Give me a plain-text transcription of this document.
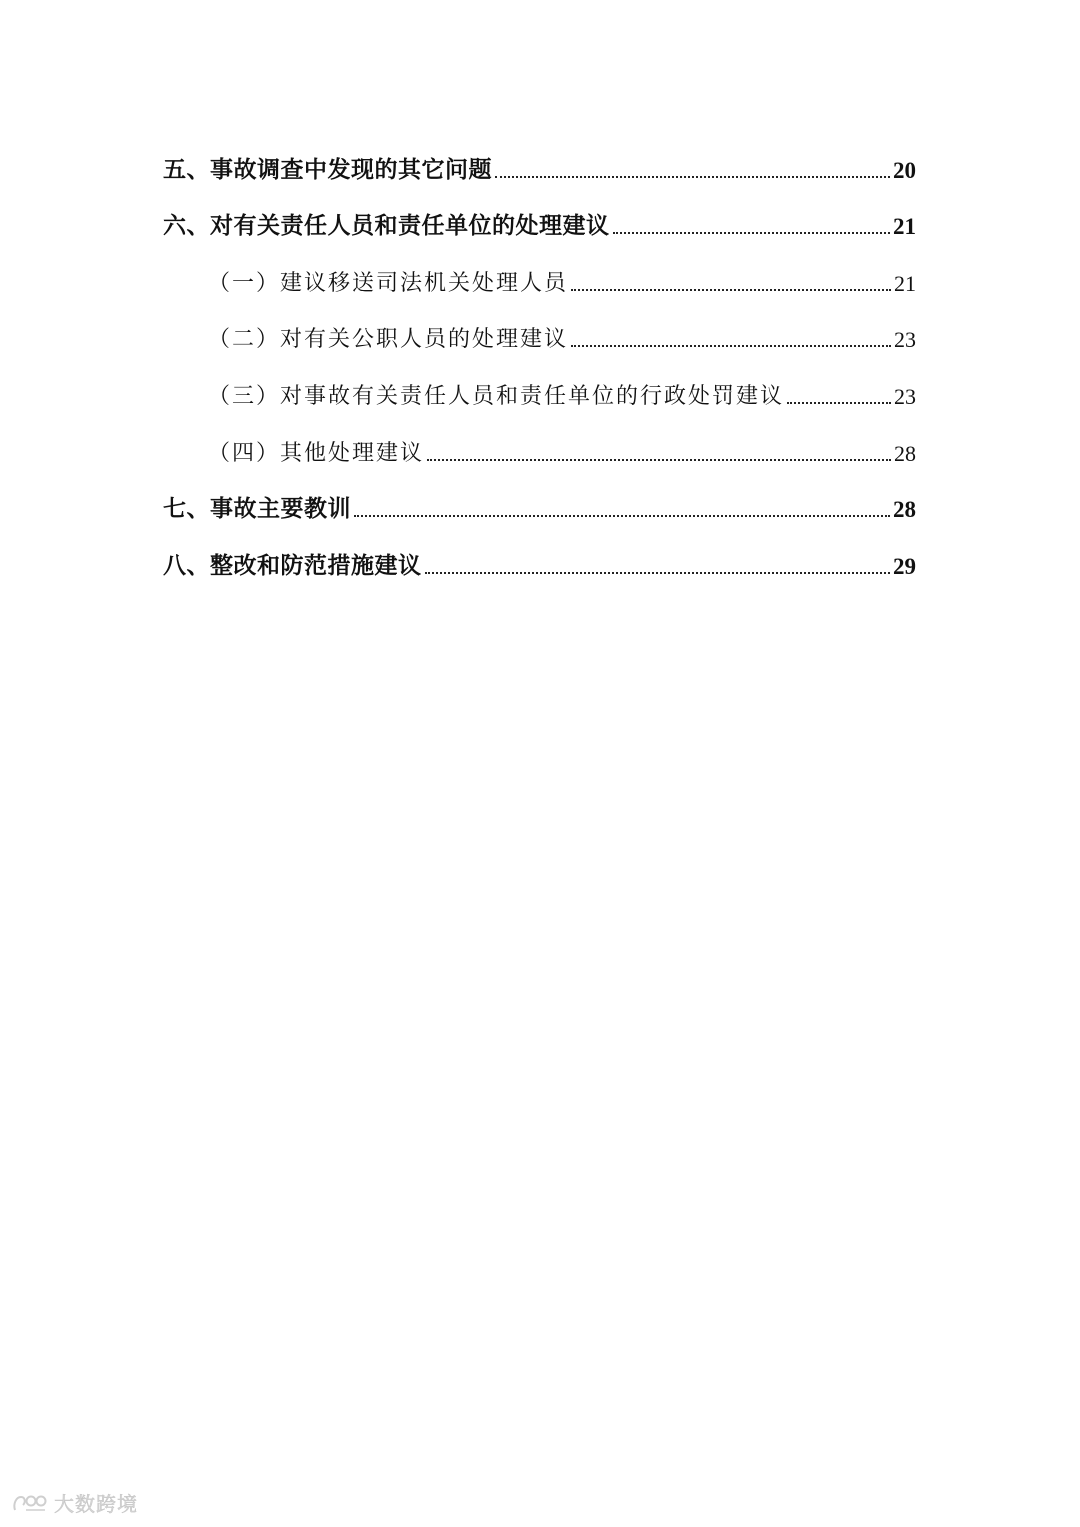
五、事故调查中发现的其它问题	20
六、对有关责任人员和责任单位的处理建议	21
（一）建议移送司法机关处理人员	21
（二）对有关公职人员的处理建议	23
（三）对事故有关责任人员和责任单位的行政处罚建议	23
（四）其他处理建议	28
七、事故主要教训	28
八、整改和防范措施建议	29
大数跨境
